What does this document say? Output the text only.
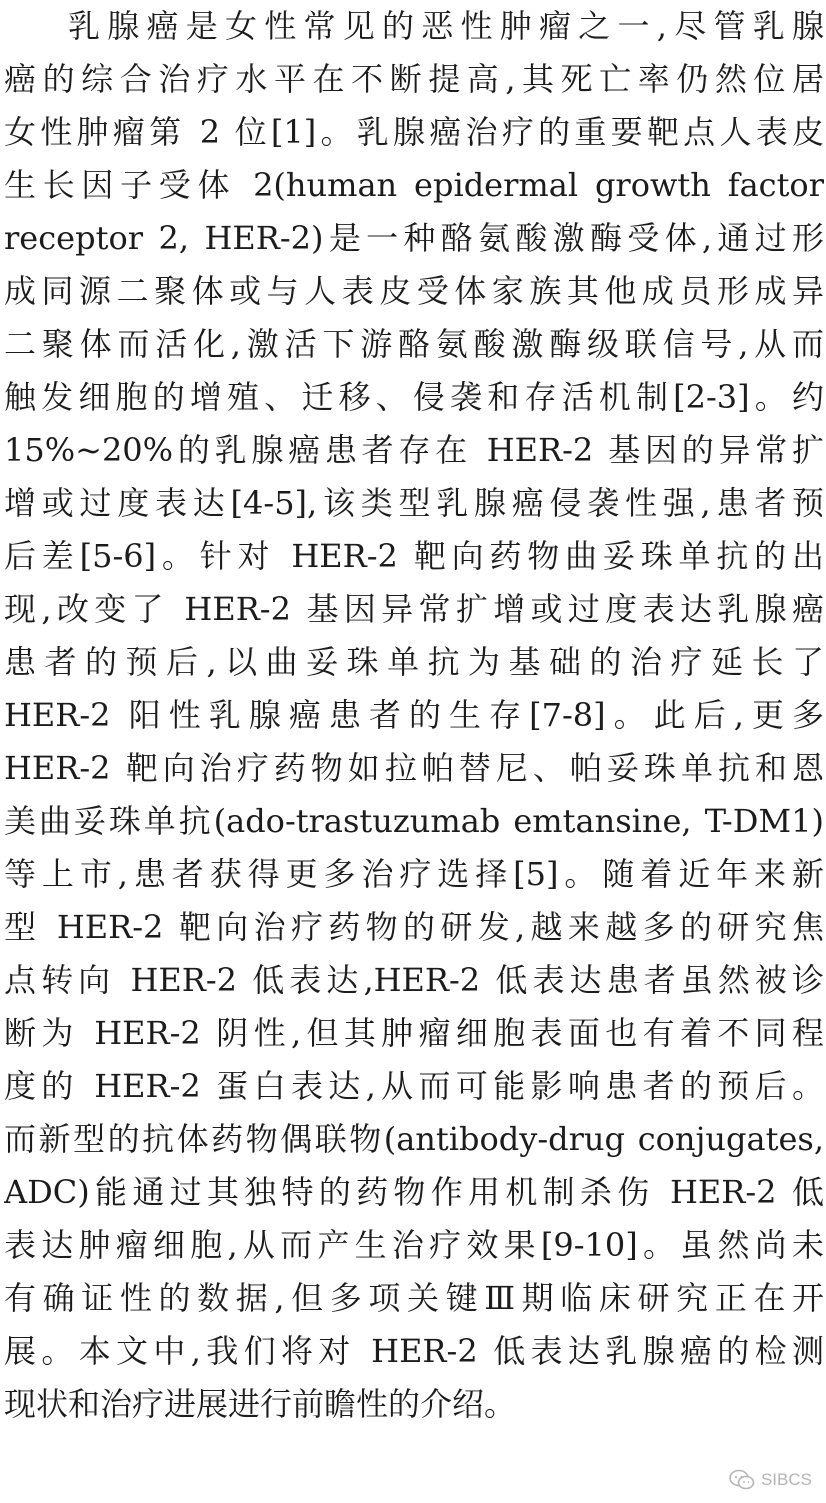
乳腺癌是女性常见的恶性肿瘤之一,尽管乳腺
癌的综合治疗水平在不断提高,其死亡率仍然位居
女性肿瘤第 2 位[1]。乳腺癌治疗的重要靶点人表皮
生长因子受体 2(human epidermal growth factor
receptor 2, HER-2)是一种酪氨酸激酶受体,通过形
成同源二聚体或与人表皮受体家族其他成员形成异
二聚体而活化,激活下游酪氨酸激酶级联信号,从而
触发细胞的增殖、迁移、侵袭和存活机制[2-3]。约
15%~20%的乳腺癌患者存在 HER-2 基因的异常扩
增或过度表达[4-5],该类型乳腺癌侵袭性强,患者预
后差[5-6]。针对 HER-2 靶向药物曲妥珠单抗的出
现,改变了 HER-2 基因异常扩增或过度表达乳腺癌
患者的预后,以曲妥珠单抗为基础的治疗延长了
HER-2 阳性乳腺癌患者的生存[7-8]。此后,更多
HER-2 靶向治疗药物如拉帕替尼、帕妥珠单抗和恩
美曲妥珠单抗(ado-trastuzumab emtansine, T-DM1)
等上市,患者获得更多治疗选择[5]。随着近年来新
型 HER-2 靶向治疗药物的研发,越来越多的研究焦
点转向 HER-2 低表达,HER-2 低表达患者虽然被诊
断为 HER-2 阴性,但其肿瘤细胞表面也有着不同程
度的 HER-2 蛋白表达,从而可能影响患者的预后。
而新型的抗体药物偶联物(antibody-drug conjugates,
ADC)能通过其独特的药物作用机制杀伤 HER-2 低
表达肿瘤细胞,从而产生治疗效果[9-10]。虽然尚未
有确证性的数据,但多项关键Ⅲ期临床研究正在开
展。本文中,我们将对 HER-2 低表达乳腺癌的检测
现状和治疗进展进行前瞻性的介绍。
SIBCS
